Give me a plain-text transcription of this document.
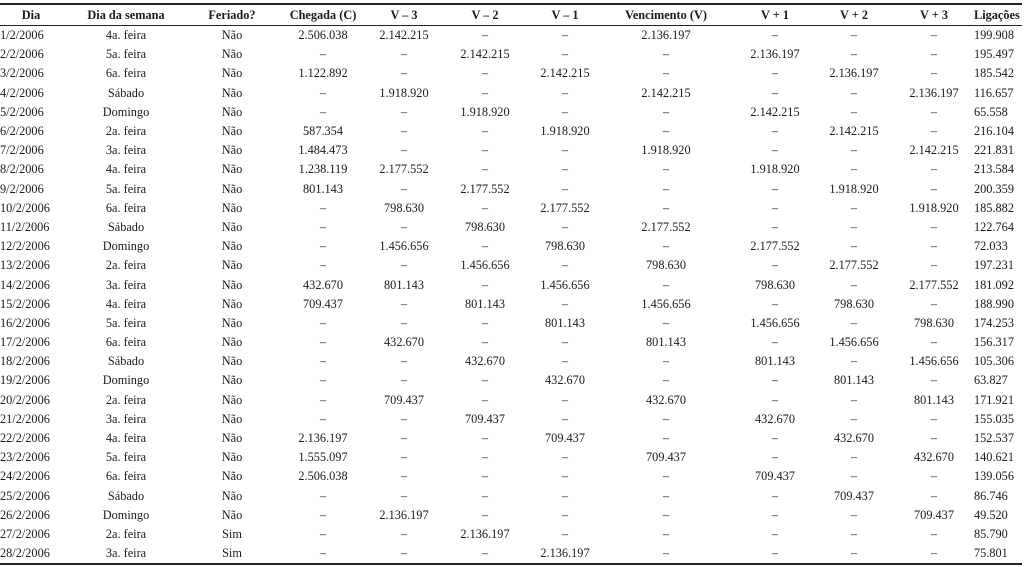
Dia	Dia da semana	Feriado?	Chegada (C)	V – 3	V – 2	V – 1	Vencimento (V)	V + 1	V + 2	V + 3	Ligações
1/2/2006	4a. feira	Não	2.506.038	2.142.215	–	–	2.136.197	–	–	–	199.908
2/2/2006	5a. feira	Não	–	–	2.142.215	–	–	2.136.197	–	–	195.497
3/2/2006	6a. feira	Não	1.122.892	–	–	2.142.215	–	–	2.136.197	–	185.542
4/2/2006	Sábado	Não	–	1.918.920	–	–	2.142.215	–	–	2.136.197	116.657
5/2/2006	Domingo	Não	–	–	1.918.920	–	–	2.142.215	–	–	65.558
6/2/2006	2a. feira	Não	587.354	–	–	1.918.920	–	–	2.142.215	–	216.104
7/2/2006	3a. feira	Não	1.484.473	–	–	–	1.918.920	–	–	2.142.215	221.831
8/2/2006	4a. feira	Não	1.238.119	2.177.552	–	–	–	1.918.920	–	–	213.584
9/2/2006	5a. feira	Não	801.143	–	2.177.552	–	–	–	1.918.920	–	200.359
10/2/2006	6a. feira	Não	–	798.630	–	2.177.552	–	–	–	1.918.920	185.882
11/2/2006	Sábado	Não	–	–	798.630	–	2.177.552	–	–	–	122.764
12/2/2006	Domingo	Não	–	1.456.656	–	798.630	–	2.177.552	–	–	72.033
13/2/2006	2a. feira	Não	–	–	1.456.656	–	798.630	–	2.177.552	–	197.231
14/2/2006	3a. feira	Não	432.670	801.143	–	1.456.656	–	798.630	–	2.177.552	181.092
15/2/2006	4a. feira	Não	709.437	–	801.143	–	1.456.656	–	798.630	–	188.990
16/2/2006	5a. feira	Não	–	–	–	801.143	–	1.456.656	–	798.630	174.253
17/2/2006	6a. feira	Não	–	432.670	–	–	801.143	–	1.456.656	–	156.317
18/2/2006	Sábado	Não	–	–	432.670	–	–	801.143	–	1.456.656	105.306
19/2/2006	Domingo	Não	–	–	–	432.670	–	–	801.143	–	63.827
20/2/2006	2a. feira	Não	–	709.437	–	–	432.670	–	–	801.143	171.921
21/2/2006	3a. feira	Não	–	–	709.437	–	–	432.670	–	–	155.035
22/2/2006	4a. feira	Não	2.136.197	–	–	709.437	–	–	432.670	–	152.537
23/2/2006	5a. feira	Não	1.555.097	–	–	–	709.437	–	–	432.670	140.621
24/2/2006	6a. feira	Não	2.506.038	–	–	–	–	709.437	–	–	139.056
25/2/2006	Sábado	Não	–	–	–	–	–	–	709.437	–	86.746
26/2/2006	Domingo	Não	–	2.136.197	–	–	–	–	–	709.437	49.520
27/2/2006	2a. feira	Sim	–	–	2.136.197	–	–	–	–	–	85.790
28/2/2006	3a. feira	Sim	–	–	–	2.136.197	–	–	–	–	75.801
